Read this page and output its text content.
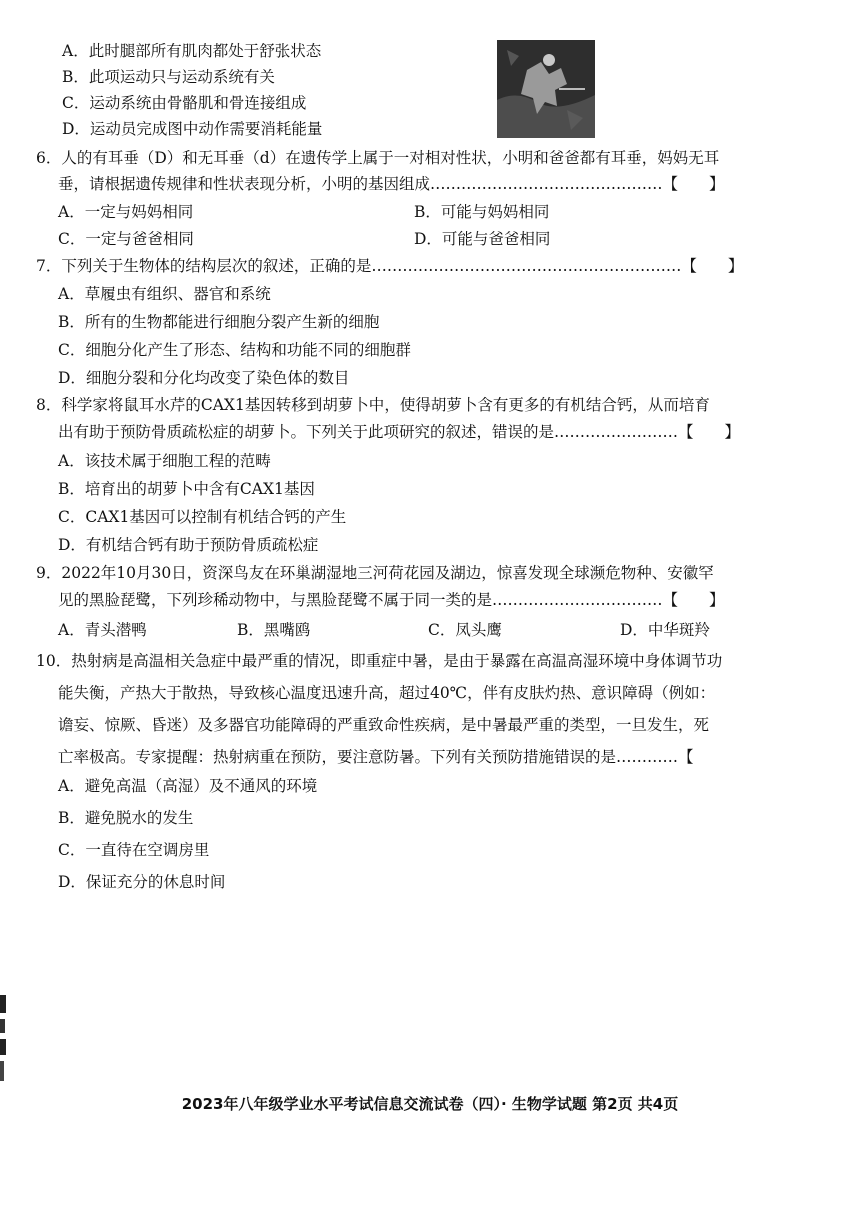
A．此时腿部所有肌肉都处于舒张状态
B．此项运动只与运动系统有关
C．运动系统由骨骼肌和骨连接组成
D．运动员完成图中动作需要消耗能量
6．人的有耳垂（D）和无耳垂（d）在遗传学上属于一对相对性状，小明和爸爸都有耳垂，妈妈无耳
垂，请根据遗传规律和性状表现分析，小明的基因组成………………………………………【　　】
A．一定与妈妈相同	B．可能与妈妈相同
C．一定与爸爸相同	D．可能与爸爸相同
7．下列关于生物体的结构层次的叙述，正确的是……………………………………………………【　　】
A．草履虫有组织、器官和系统
B．所有的生物都能进行细胞分裂产生新的细胞
C．细胞分化产生了形态、结构和功能不同的细胞群
D．细胞分裂和分化均改变了染色体的数目
8．科学家将鼠耳水芹的CAX1基因转移到胡萝卜中，使得胡萝卜含有更多的有机结合钙，从而培育
出有助于预防骨质疏松症的胡萝卜。下列关于此项研究的叙述，错误的是……………………【　　】
A．该技术属于细胞工程的范畴
B．培育出的胡萝卜中含有CAX1基因
C．CAX1基因可以控制有机结合钙的产生
D．有机结合钙有助于预防骨质疏松症
9．2022年10月30日，资深鸟友在环巢湖湿地三河荷花园及湖边，惊喜发现全球濒危物种、安徽罕
见的黑脸琵鹭，下列珍稀动物中，与黑脸琵鹭不属于同一类的是……………………………【　　】
A．青头潜鸭	B．黑嘴鸥	C．凤头鹰	D．中华斑羚
10．热射病是高温相关急症中最严重的情况，即重症中暑，是由于暴露在高温高湿环境中身体调节功
能失衡，产热大于散热，导致核心温度迅速升高，超过40℃，伴有皮肤灼热、意识障碍（例如：
谵妄、惊厥、昏迷）及多器官功能障碍的严重致命性疾病，是中暑最严重的类型，一旦发生，死
亡率极高。专家提醒：热射病重在预防，要注意防暑。下列有关预防措施错误的是…………【
A．避免高温（高湿）及不通风的环境
B．避免脱水的发生
C．一直待在空调房里
D．保证充分的休息时间
2023年八年级学业水平考试信息交流试卷（四）· 生物学试题 第2页 共4页
